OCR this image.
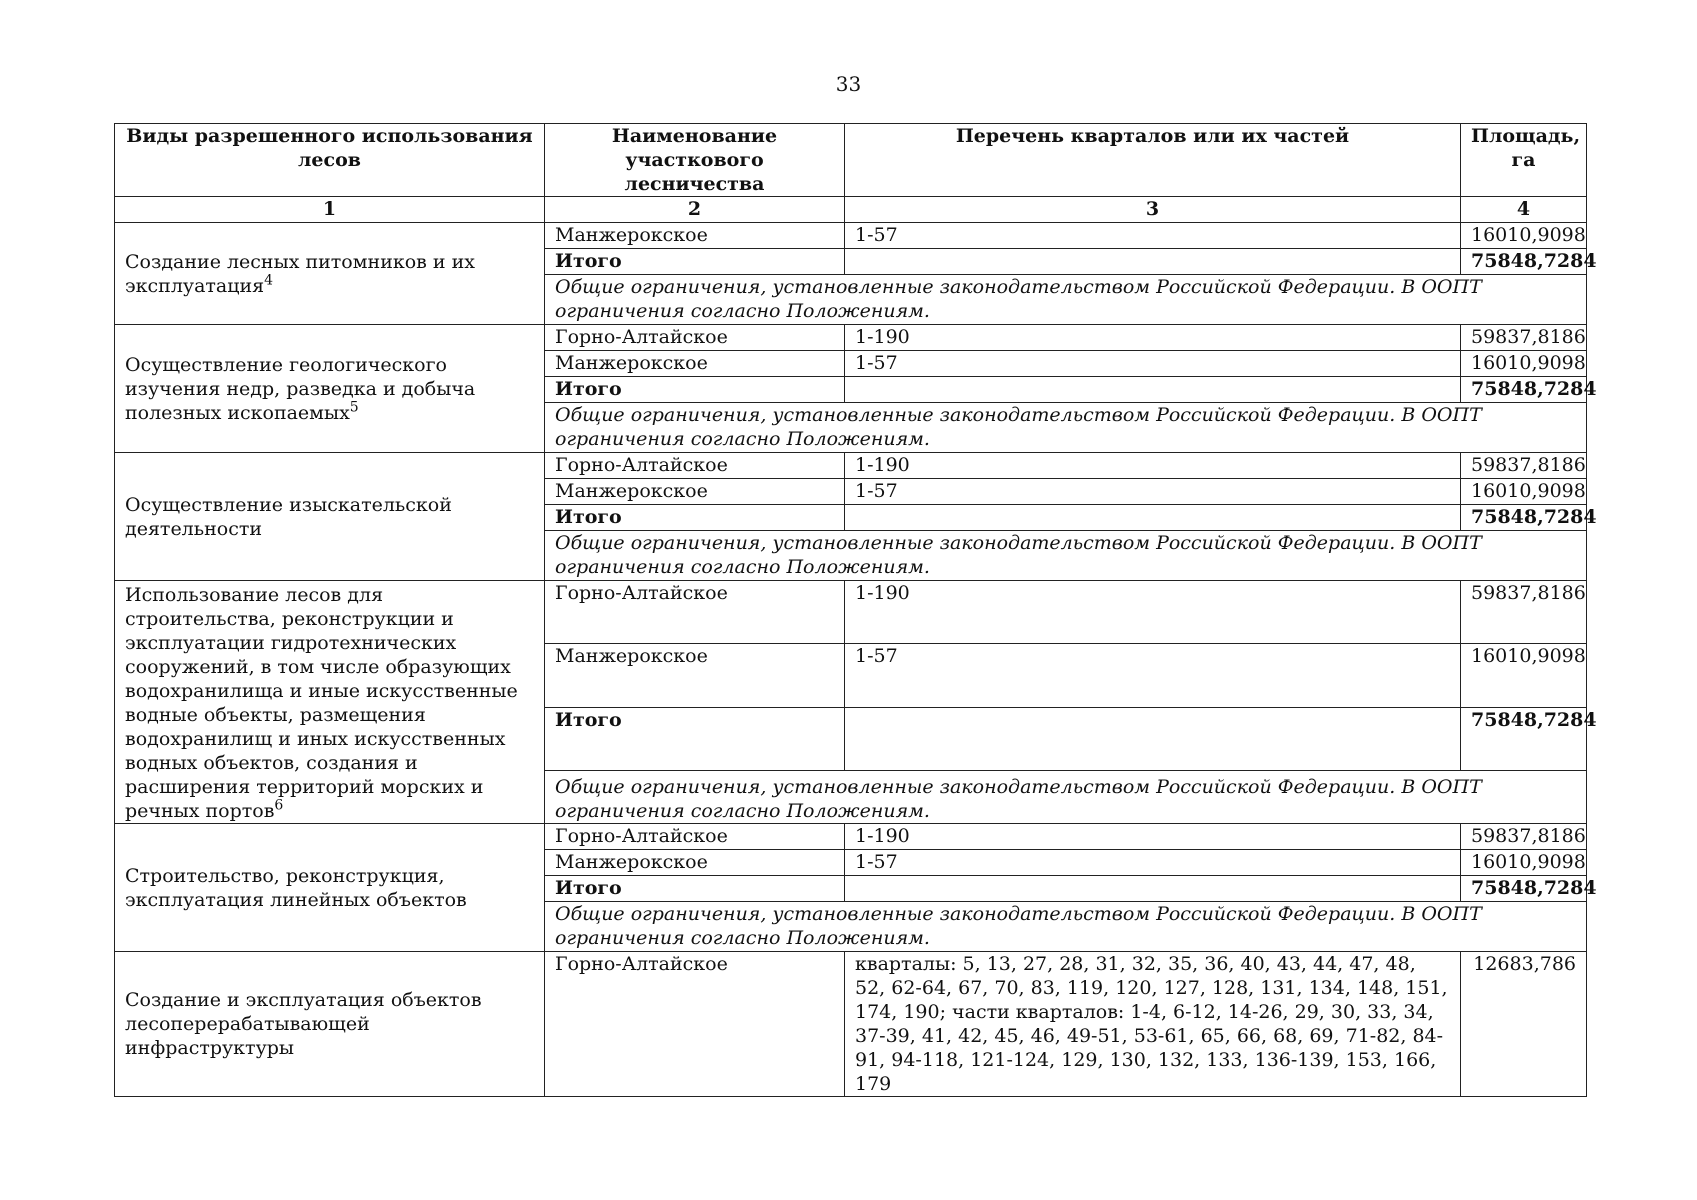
33
Виды разрешенного использования лесов	Наименование участкового лесничества	Перечень кварталов или их частей	Площадь, га
1	2	3	4
Создание лесных питомников и их эксплуатация$^4$	Манжерокское	1-57	16010,9098
	Итого		75848,7284
	Общие ограничения, установленные законодательством Российской Федерации. В ООПТ ограничения согласно Положениям.		
Осуществление геологического изучения недр, разведка и добыча полезных ископаемых$^5$	Горно-Алтайское	1-190	59837,8186
	Манжерокское	1-57	16010,9098
	Итого		75848,7284
	Общие ограничения, установленные законодательством Российской Федерации. В ООПТ ограничения согласно Положениям.		
Осуществление изыскательской деятельности	Горно-Алтайское	1-190	59837,8186
	Манжерокское	1-57	16010,9098
	Итого		75848,7284
	Общие ограничения, установленные законодательством Российской Федерации. В ООПТ ограничения согласно Положениям.		
Использование лесов для строительства, реконструкции и эксплуатации гидротехнических сооружений, в том числе образующих водохранилища и иные искусственные водные объекты, размещения водохранилищ и иных искусственных водных объектов, создания и расширения территорий морских и речных портов$^6$	Горно-Алтайское	1-190	59837,8186
	Манжерокское	1-57	16010,9098
	Итого		75848,7284
	Общие ограничения, установленные законодательством Российской Федерации. В ООПТ ограничения согласно Положениям.		
Строительство, реконструкция, эксплуатация линейных объектов	Горно-Алтайское	1-190	59837,8186
	Манжерокское	1-57	16010,9098
	Итого		75848,7284
	Общие ограничения, установленные законодательством Российской Федерации. В ООПТ ограничения согласно Положениям.		
Создание и эксплуатация объектов лесоперерабатывающей инфраструктуры	Горно-Алтайское	кварталы: 5, 13, 27, 28, 31, 32, 35, 36, 40, 43, 44, 47, 48, 52, 62-64, 67, 70, 83, 119, 120, 127, 128, 131, 134, 148, 151, 174, 190; части кварталов: 1-4, 6-12, 14-26, 29, 30, 33, 34, 37-39, 41, 42, 45, 46, 49-51, 53-61, 65, 66, 68, 69, 71-82, 84-91, 94-118, 121-124, 129, 130, 132, 133, 136-139, 153, 166, 179	12683,786
